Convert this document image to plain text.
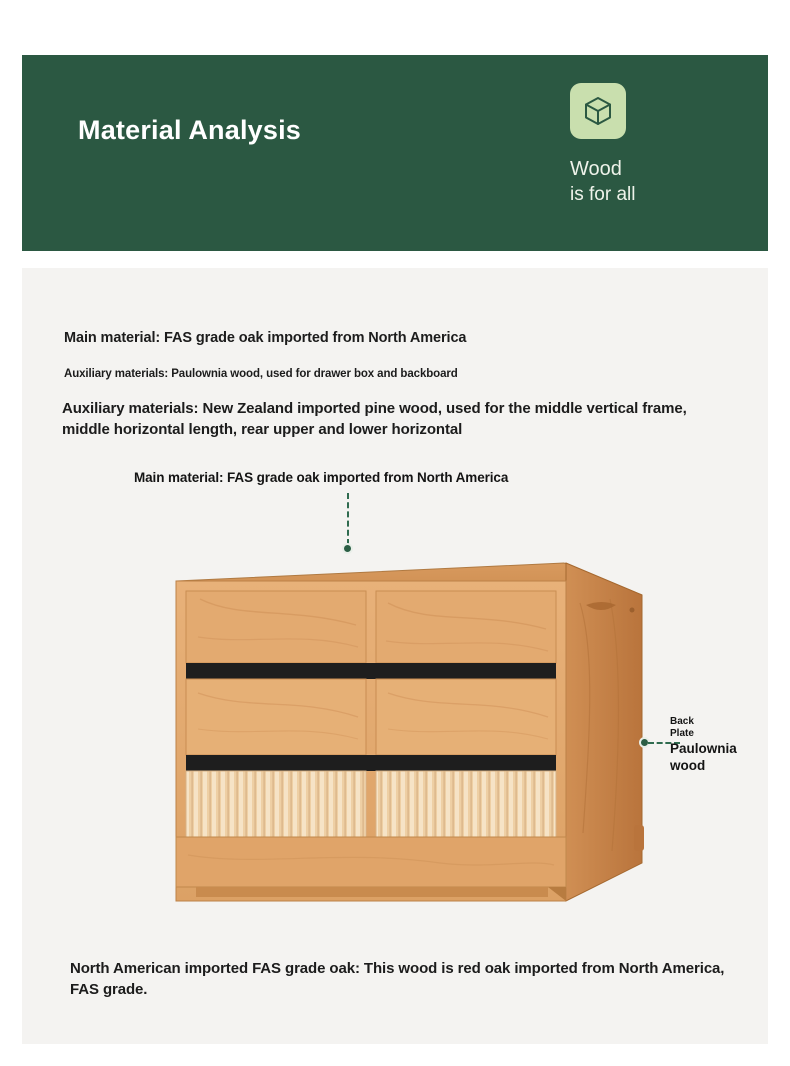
Material Analysis
Wood
is for all
Main material: FAS grade oak imported from North America
Auxiliary materials: Paulownia wood, used for drawer box and backboard
Auxiliary materials: New Zealand imported pine wood, used for the middle vertical frame, middle horizontal length, rear upper and lower horizontal
Main material: FAS grade oak imported from North America
Back
Plate
Paulownia
wood
North American imported FAS grade oak: This wood is red oak imported from North America, FAS grade.
